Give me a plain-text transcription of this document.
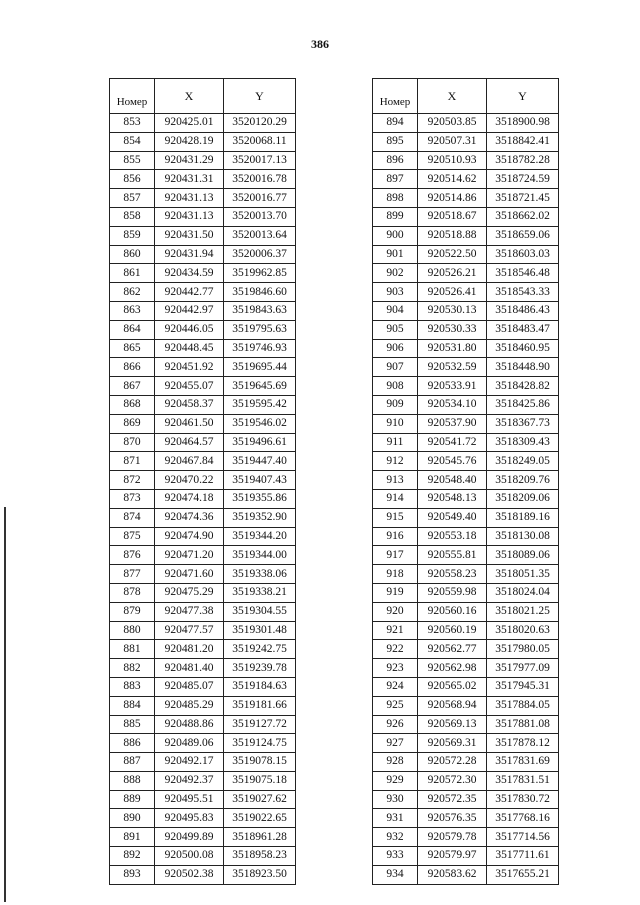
386
Номер	X	Y
853	920425.01	3520120.29
854	920428.19	3520068.11
855	920431.29	3520017.13
856	920431.31	3520016.78
857	920431.13	3520016.77
858	920431.13	3520013.70
859	920431.50	3520013.64
860	920431.94	3520006.37
861	920434.59	3519962.85
862	920442.77	3519846.60
863	920442.97	3519843.63
864	920446.05	3519795.63
865	920448.45	3519746.93
866	920451.92	3519695.44
867	920455.07	3519645.69
868	920458.37	3519595.42
869	920461.50	3519546.02
870	920464.57	3519496.61
871	920467.84	3519447.40
872	920470.22	3519407.43
873	920474.18	3519355.86
874	920474.36	3519352.90
875	920474.90	3519344.20
876	920471.20	3519344.00
877	920471.60	3519338.06
878	920475.29	3519338.21
879	920477.38	3519304.55
880	920477.57	3519301.48
881	920481.20	3519242.75
882	920481.40	3519239.78
883	920485.07	3519184.63
884	920485.29	3519181.66
885	920488.86	3519127.72
886	920489.06	3519124.75
887	920492.17	3519078.15
888	920492.37	3519075.18
889	920495.51	3519027.62
890	920495.83	3519022.65
891	920499.89	3518961.28
892	920500.08	3518958.23
893	920502.38	3518923.50
Номер	X	Y
894	920503.85	3518900.98
895	920507.31	3518842.41
896	920510.93	3518782.28
897	920514.62	3518724.59
898	920514.86	3518721.45
899	920518.67	3518662.02
900	920518.88	3518659.06
901	920522.50	3518603.03
902	920526.21	3518546.48
903	920526.41	3518543.33
904	920530.13	3518486.43
905	920530.33	3518483.47
906	920531.80	3518460.95
907	920532.59	3518448.90
908	920533.91	3518428.82
909	920534.10	3518425.86
910	920537.90	3518367.73
911	920541.72	3518309.43
912	920545.76	3518249.05
913	920548.40	3518209.76
914	920548.13	3518209.06
915	920549.40	3518189.16
916	920553.18	3518130.08
917	920555.81	3518089.06
918	920558.23	3518051.35
919	920559.98	3518024.04
920	920560.16	3518021.25
921	920560.19	3518020.63
922	920562.77	3517980.05
923	920562.98	3517977.09
924	920565.02	3517945.31
925	920568.94	3517884.05
926	920569.13	3517881.08
927	920569.31	3517878.12
928	920572.28	3517831.69
929	920572.30	3517831.51
930	920572.35	3517830.72
931	920576.35	3517768.16
932	920579.78	3517714.56
933	920579.97	3517711.61
934	920583.62	3517655.21
